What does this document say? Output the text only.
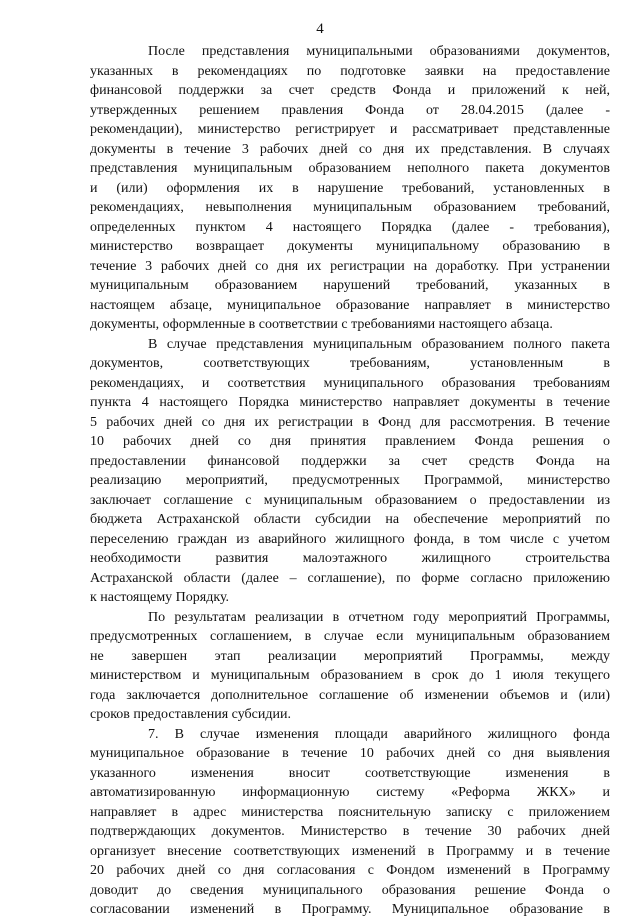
4
После представления муниципальными образованиями документов,
указанных в рекомендациях по подготовке заявки на предоставление
финансовой поддержки за счет средств Фонда и приложений к ней,
утвержденных решением правления Фонда от 28.04.2015 (далее -
рекомендации), министерство регистрирует и рассматривает представленные
документы в течение 3 рабочих дней со дня их представления. В случаях
представления муниципальным образованием неполного пакета документов
и (или) оформления их в нарушение требований, установленных в
рекомендациях, невыполнения муниципальным образованием требований,
определенных пунктом 4 настоящего Порядка (далее - требования),
министерство возвращает документы муниципальному образованию в
течение 3 рабочих дней со дня их регистрации на доработку. При устранении
муниципальным образованием нарушений требований, указанных в
настоящем абзаце, муниципальное образование направляет в министерство
документы, оформленные в соответствии с требованиями настоящего абзаца.
В случае представления муниципальным образованием полного пакета
документов, соответствующих требованиям, установленным в
рекомендациях, и соответствия муниципального образования требованиям
пункта 4 настоящего Порядка министерство направляет документы в течение
5 рабочих дней со дня их регистрации в Фонд для рассмотрения. В течение
10 рабочих дней со дня принятия правлением Фонда решения о
предоставлении финансовой поддержки за счет средств Фонда на
реализацию мероприятий, предусмотренных Программой, министерство
заключает соглашение с муниципальным образованием о предоставлении из
бюджета Астраханской области субсидии на обеспечение мероприятий по
переселению граждан из аварийного жилищного фонда, в том числе с учетом
необходимости развития малоэтажного жилищного строительства
Астраханской области (далее – соглашение), по форме согласно приложению
к настоящему Порядку.
По результатам реализации в отчетном году мероприятий Программы,
предусмотренных соглашением, в случае если муниципальным образованием
не завершен этап реализации мероприятий Программы, между
министерством и муниципальным образованием в срок до 1 июля текущего
года заключается дополнительное соглашение об изменении объемов и (или)
сроков предоставления субсидии.
7. В случае изменения площади аварийного жилищного фонда
муниципальное образование в течение 10 рабочих дней со дня выявления
указанного изменения вносит соответствующие изменения в
автоматизированную информационную систему «Реформа ЖКХ» и
направляет в адрес министерства пояснительную записку с приложением
подтверждающих документов. Министерство в течение 30 рабочих дней
организует внесение соответствующих изменений в Программу и в течение
20 рабочих дней со дня согласования с Фондом изменений в Программу
доводит до сведения муниципального образования решение Фонда о
согласовании изменений в Программу. Муниципальное образование в
